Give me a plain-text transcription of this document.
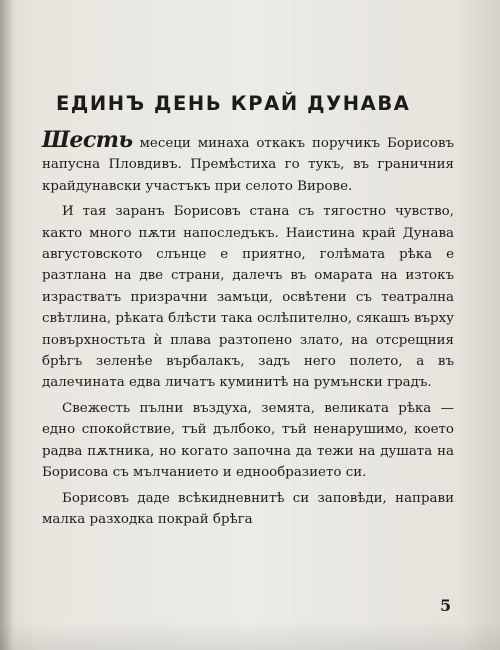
ЕДИНЪ ДЕНЬ КРАЙ ДУНАВА

Шесть месеци минаха откакъ поручикъ Борисовъ напусна Пловдивъ. Премѣстиха го тукъ, въ граничния крайдунавски участъкъ при селото Вирове.

И тая заранъ Борисовъ стана съ тягостно чувство, както много пѫти напоследъкъ. Наистина край Дунава августовското слънце е приятно, голѣмата рѣка е разтлана на две страни, далечъ въ омарата на изтокъ израстватъ призрачни замъци, освѣтени съ театрална свѣтлина, рѣката блѣсти така ослѣпително, сякашъ върху повърхностьта ѝ плава разтопено злато, на отсрещния брѣгъ зеленѣе върбалакъ, задъ него полето, а въ далечината едва личатъ куминитѣ на румънски градъ.

Свежесть пълни въздуха, земята, великата рѣка — едно спокойствие, тъй дълбоко, тъй ненарушимо, което радва пѫтника, но когато започна да тежи на душата на Борисова съ мълчанието и еднообразието си.

Борисовъ даде всѣкидневнитѣ си заповѣди, направи малка разходка покрай брѣга

5
